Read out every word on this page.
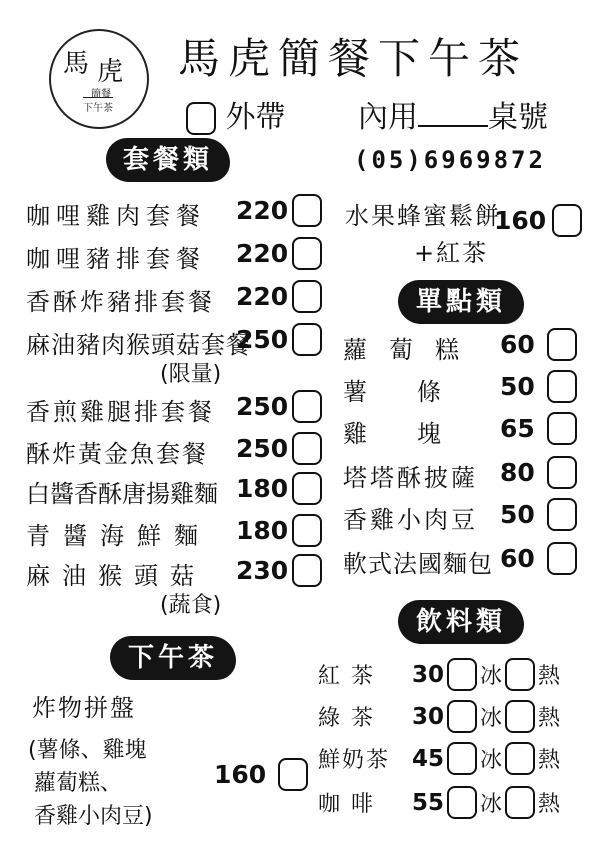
馬 虎
簡餐
下午茶
馬虎簡餐下午茶
外帶 內用 桌號
(05)6969872
套餐類
下午茶
單點類
飲料類
咖哩雞肉套餐 220
咖哩豬排套餐 220
香酥炸豬排套餐 220
麻油豬肉猴頭菇套餐
250
(限量)
香煎雞腿排套餐 250
酥炸黃金魚套餐 250
白醬香酥唐揚雞麵 180
青醬海鮮麵 180
麻油猴頭菇 230
(蔬食)
水果蜂蜜鬆餅
+紅茶
160
蘿蔔糕 60
薯條 50
雞塊 65
塔塔酥披薩 80
香雞小肉豆 50
軟式法國麵包 60
炸物拼盤
(薯條、雞塊
蘿蔔糕、
香雞小肉豆)
160
紅 茶	30 冰 熱
綠 茶	30 冰 熱
鮮奶茶 45 冰 熱
咖 啡	55 冰 熱
